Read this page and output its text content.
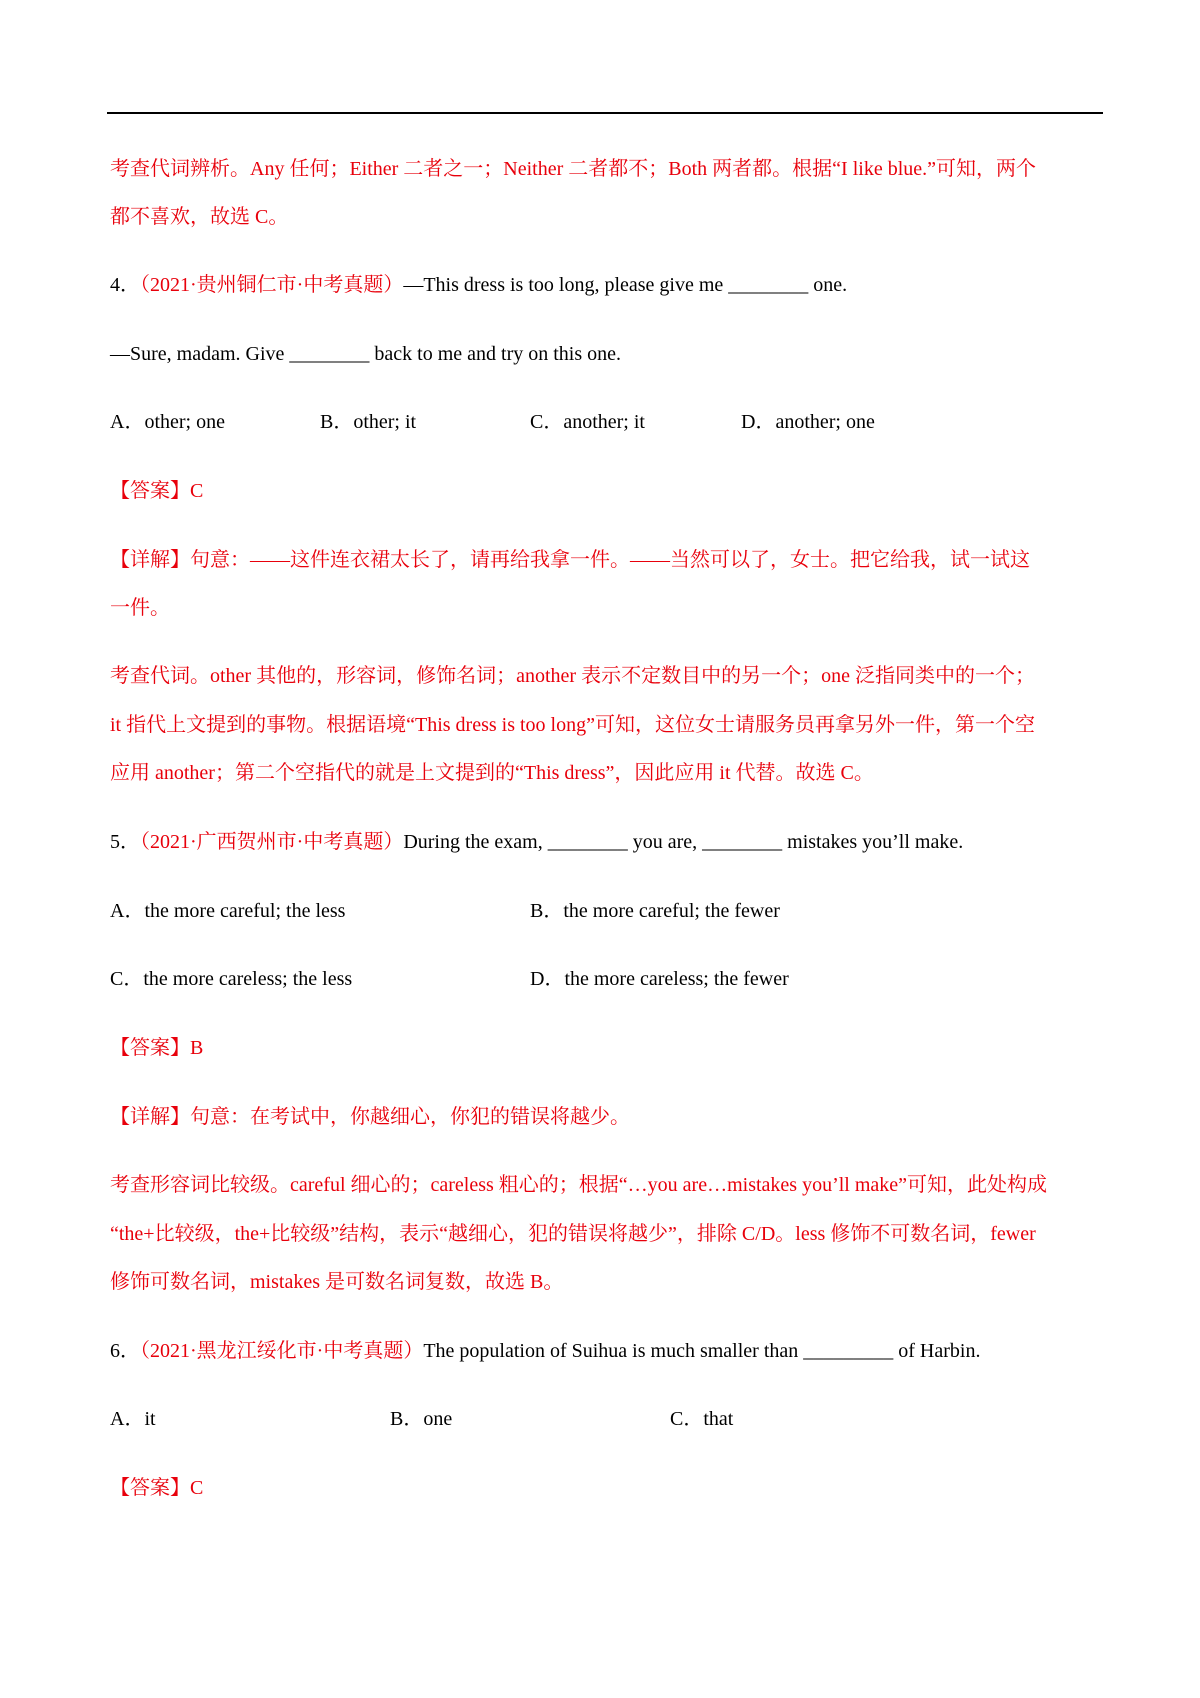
考查代词辨析。Any 任何；Either 二者之一；Neither 二者都不；Both 两者都。根据“I like blue.”可知，两个
都不喜欢，故选 C。
4．（2021·贵州铜仁市·中考真题）—This dress is too long, please give me ________ one.
—Sure, madam. Give ________ back to me and try on this one.
A．other; one	B．other; it	C．another; it	D．another; one
【答案】C
【详解】句意：——这件连衣裙太长了，请再给我拿一件。——当然可以了，女士。把它给我，试一试这
一件。
考查代词。other 其他的，形容词，修饰名词；another 表示不定数目中的另一个；one 泛指同类中的一个；
it 指代上文提到的事物。根据语境“This dress is too long”可知，这位女士请服务员再拿另外一件，第一个空
应用 another；第二个空指代的就是上文提到的“This dress”，因此应用 it 代替。故选 C。
5．（2021·广西贺州市·中考真题）During the exam, ________ you are, ________ mistakes you’ll make.
A．the more careful; the less	B．the more careful; the fewer
C．the more careless; the less	D．the more careless; the fewer
【答案】B
【详解】句意：在考试中，你越细心，你犯的错误将越少。
考查形容词比较级。careful 细心的；careless 粗心的；根据“…you are…mistakes you’ll make”可知，此处构成
“the+比较级，the+比较级”结构，表示“越细心，犯的错误将越少”，排除 C/D。less 修饰不可数名词，fewer
修饰可数名词，mistakes 是可数名词复数，故选 B。
6．（2021·黑龙江绥化市·中考真题）The population of Suihua is much smaller than _________ of Harbin.
A．it	B．one	C．that
【答案】C
